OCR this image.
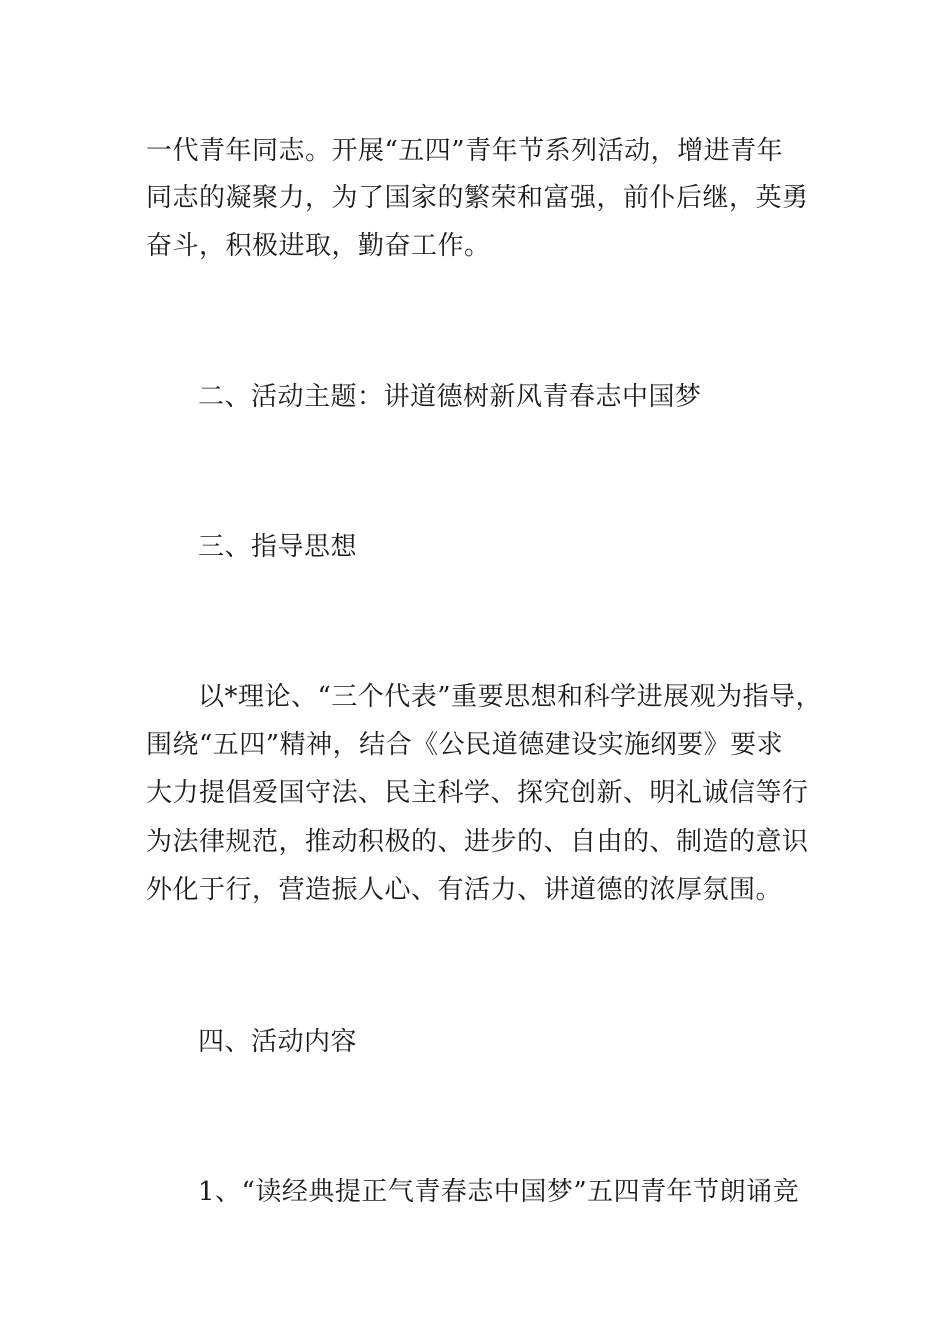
一代青年同志。开展“五四”青年节系列活动，增进青年
同志的凝聚力，为了国家的繁荣和富强，前仆后继，英勇
奋斗，积极进取，勤奋工作。
二、活动主题：讲道德树新风青春志中国梦
三、指导思想
以*理论、“三个代表”重要思想和科学进展观为指导，
围绕“五四”精神，结合《公民道德建设实施纲要》要求
大力提倡爱国守法、民主科学、探究创新、明礼诚信等行
为法律规范，推动积极的、进步的、自由的、制造的意识
外化于行，营造振人心、有活力、讲道德的浓厚氛围。
四、活动内容
1、“读经典提正气青春志中国梦”五四青年节朗诵竞
